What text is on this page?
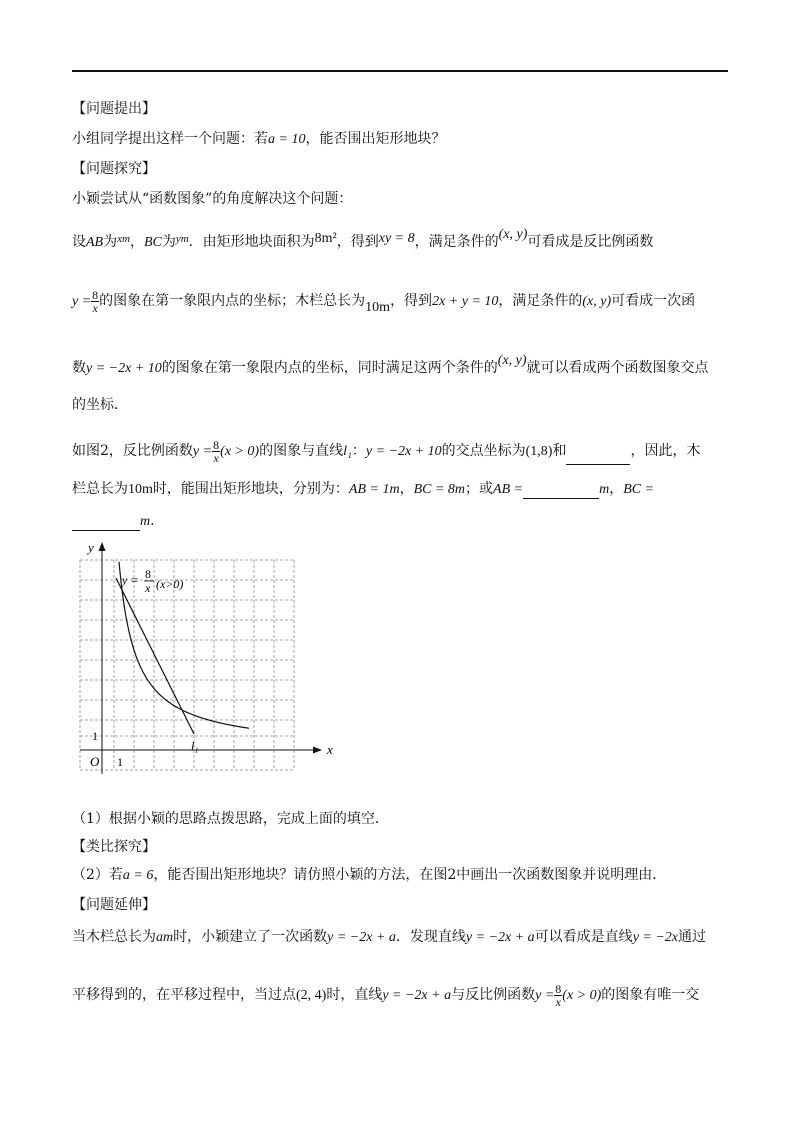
【问题提出】
小组同学提出这样一个问题：若a = 10，能否围出矩形地块？
【问题探究】
小颖尝试从“函数图象”的角度解决这个问题：
设AB为$^{xm}$，BC为$^{ym}$．由矩形地块面积为8m²，得到xy = 8，满足条件的(x, y)可看成是反比例函数
$y = \frac{8}{x}$ 的图象在第一象限内点的坐标；木栏总长为10m，得到2x + y = 10，满足条件的(x, y)可看成一次函
数y = −2x + 10的图象在第一象限内点的坐标，同时满足这两个条件的(x, y)就可以看成两个函数图象交点
的坐标．
如图2，反比例函数$y = \frac{8}{x} (x > 0)$的图象与直线l₁：y = −2x + 10的交点坐标为(1,8)和	，因此，木
栏总长为10m时，能围出矩形地块，分别为：AB = 1m，BC = 8m；或AB =	m，BC =
m.
x
y
O 1
1
y = 8
x (x>0)
l₁
（1）根据小颖的思路点拨思路，完成上面的填空．
【类比探究】
（2）若a = 6，能否围出矩形地块？请仿照小颖的方法，在图2中画出一次函数图象并说明理由．
【问题延伸】
当木栏总长为am时，小颖建立了一次函数y = −2x + a．发现直线y = −2x + a可以看成是直线y = −2x通过
平移得到的，在平移过程中，当过点(2, 4)时，直线y = −2x + a与反比例函数$y = \frac{8}{x} (x > 0)$的图象有唯一交
